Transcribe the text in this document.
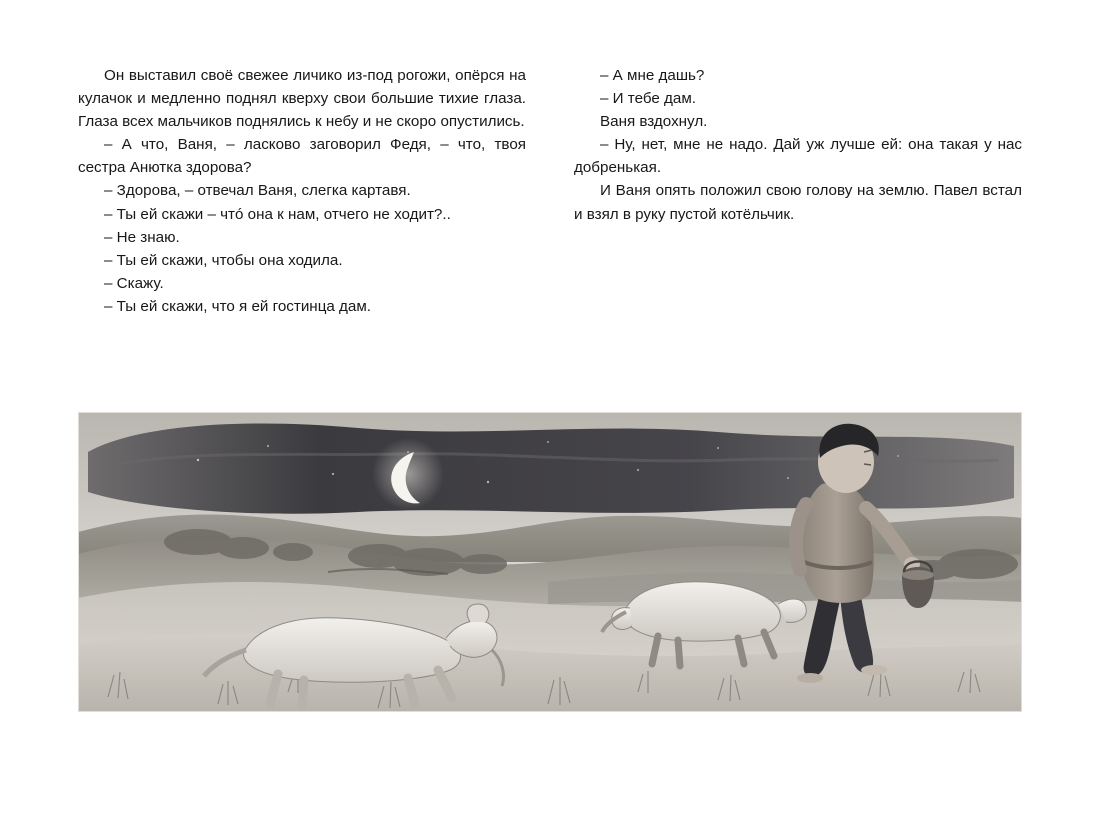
Он выставил своё свежее личико из-под рогожи, опёрся на кулачок и медленно поднял кверху свои большие тихие глаза. Глаза всех мальчиков поднялись к небу и не скоро опустились.

– А что, Ваня, – ласково заговорил Федя, – что, твоя сестра Анютка здорова?

– Здорова, – отвечал Ваня, слегка картавя.

– Ты ей скажи – чтó она к нам, отчего не ходит?..

– Не знаю.

– Ты ей скажи, чтобы она ходила.

– Скажу.

– Ты ей скажи, что я ей гостинца дам.

– А мне дашь?

– И тебе дам.

Ваня вздохнул.

– Ну, нет, мне не надо. Дай уж лучше ей: она такая у нас добренькая.

И Ваня опять положил свою голову на землю. Павел встал и взял в руку пустой котёльчик.
